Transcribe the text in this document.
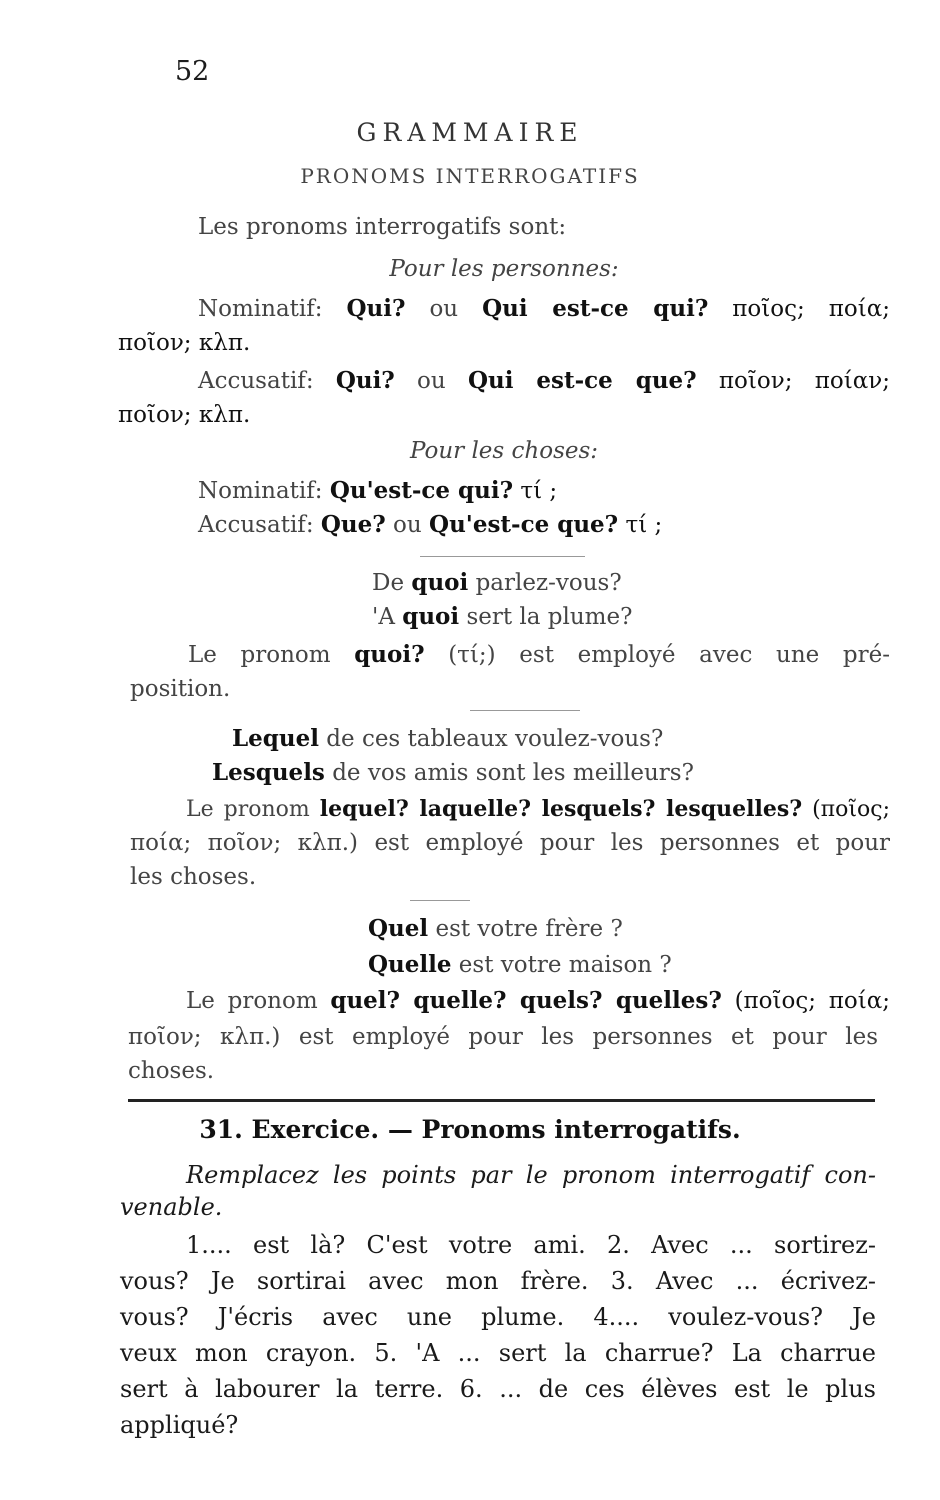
52
GRAMMAIRE
PRONOMS INTERROGATIFS
Les pronoms interrogatifs sont:
Pour les personnes:
Nominatif: Qui? ou Qui est-ce qui? ποῖος; ποία;
ποῖον; κλπ.
Accusatif: Qui? ou Qui est-ce que? ποῖον; ποίαν;
ποῖον; κλπ.
Pour les choses:
Nominatif: Qu'est-ce qui? τί ;
Accusatif: Que? ou Qu'est-ce que? τί ;
De quoi parlez-vous?
'A quoi sert la plume?
Le pronom quoi? (τί;) est employé avec une pré-
position.
Lequel de ces tableaux voulez-vous?
Lesquels de vos amis sont les meilleurs?
Le pronom lequel? laquelle? lesquels? lesquelles? (ποῖος;
ποία; ποῖον; κλπ.) est employé pour les personnes et pour
les choses.
Quel est votre frère ?
Quelle est votre maison ?
Le pronom quel? quelle? quels? quelles? (ποῖος; ποία;
ποῖον; κλπ.) est employé pour les personnes et pour les
choses.
31. Exercice. — Pronoms interrogatifs.
Remplacez les points par le pronom interrogatif con-
venable.
1.... est là? C'est votre ami. 2. Avec ... sortirez-
vous? Je sortirai avec mon frère. 3. Avec ... écrivez-
vous? J'écris avec une plume. 4.... voulez-vous? Je
veux mon crayon. 5. 'A ... sert la charrue? La charrue
sert à labourer la terre. 6. ... de ces élèves est le plus
appliqué?
